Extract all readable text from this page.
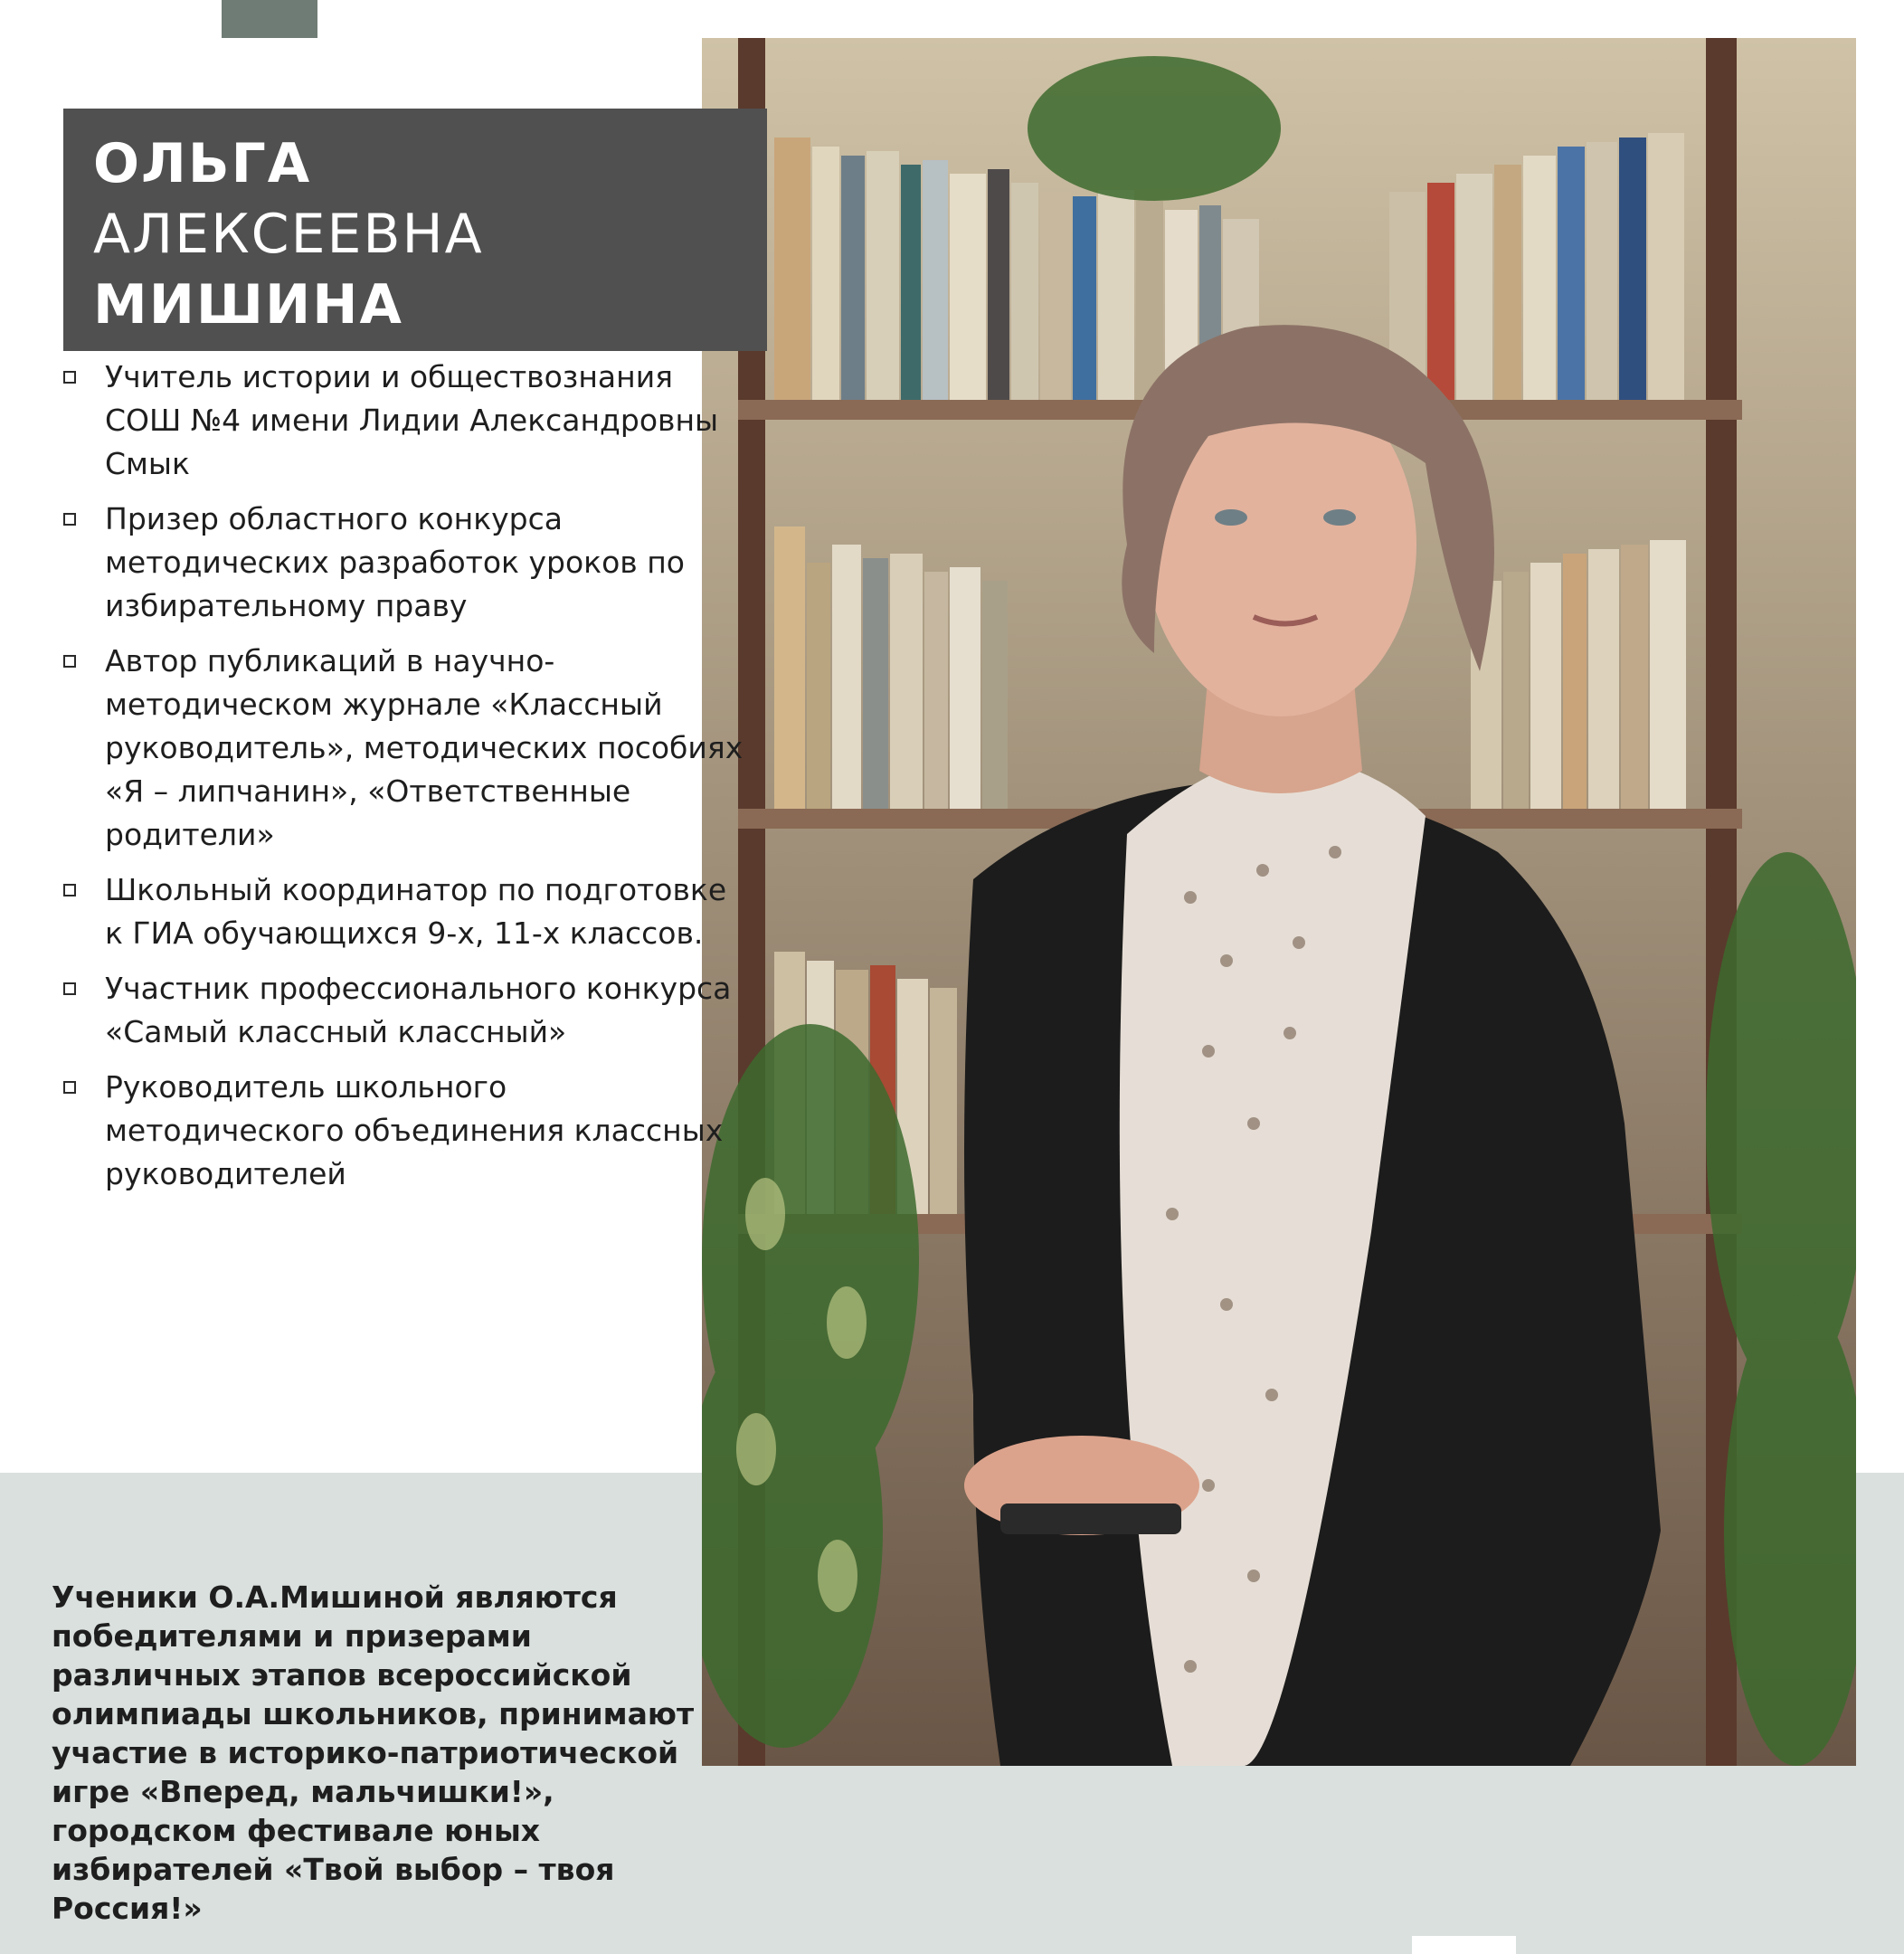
ОЛЬГА
АЛЕКСЕЕВНА
МИШИНА
Учитель истории и обществознания СОШ №4 имени Лидии Александровны Смык
Призер областного конкурса методических разработок уроков по избирательному праву
Автор публикаций в научно-методическом журнале «Классный руководитель», методических пособиях «Я – липчанин», «Ответственные родители»
Школьный координатор по подготовке к ГИА обучающихся 9-х, 11-х классов.
Участник профессионального конкурса «Самый классный классный»
Руководитель школьного методического объединения классных руководителей
Ученики О.А.Мишиной являются победителями и призерами различных этапов всероссийской олимпиады школьников, принимают участие в историко-патриотической игре «Вперед, мальчишки!», городском фестивале юных избирателей «Твой выбор – твоя Россия!»
